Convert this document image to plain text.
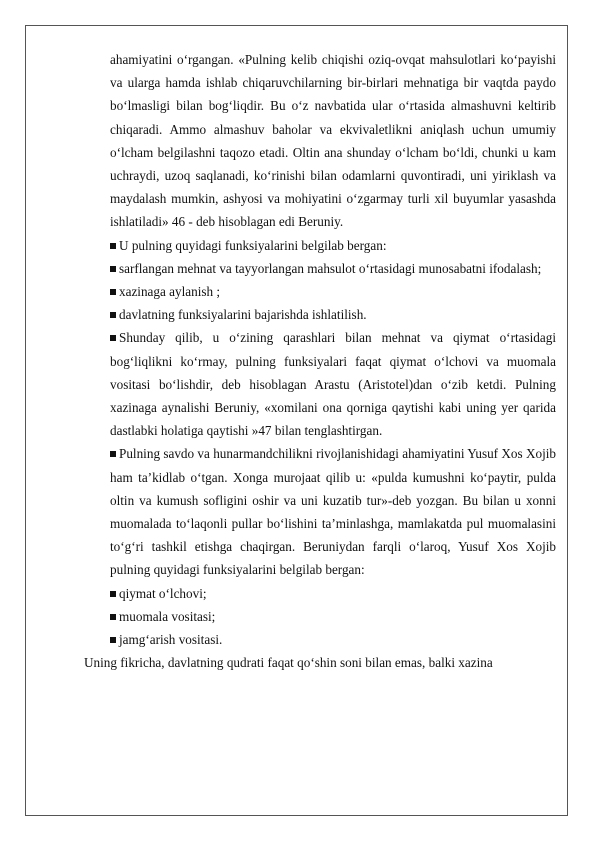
ahamiyatini o‘rgangan. «Pulning kelib chiqishi oziq-ovqat mahsulotlari ko‘payishi va ularga hamda ishlab chiqaruvchilarning bir-birlari mehnatiga bir vaqtda paydo bo‘lmasligi bilan bog‘liqdir. Bu o‘z navbatida ular o‘rtasida almashuvni keltirib chiqaradi. Ammo almashuv baholar va ekvivaletlikni aniqlash uchun umumiy o‘lcham belgilashni taqozo etadi. Oltin ana shunday o‘lcham bo‘ldi, chunki u kam uchraydi, uzoq saqlanadi, ko‘rinishi bilan odamlarni quvontiradi, uni yiriklash va maydalash mumkin, ashyosi va mohiyatini o‘zgarmay turli xil buyumlar yasashda ishlatiladi» 46 - deb hisoblagan edi Beruniy.

U pulning quyidagi funksiyalarini belgilab bergan:

sarflangan mehnat va tayyorlangan mahsulot o‘rtasidagi munosabatni ifodalash;

xazinaga aylanish ;

davlatning funksiyalarini bajarishda ishlatilish.

Shunday qilib, u o‘zining qarashlari bilan mehnat va qiymat o‘rtasidagi bog‘liqlikni ko‘rmay, pulning funksiyalari faqat qiymat o‘lchovi va muomala vositasi bo‘lishdir, deb hisoblagan Arastu (Aristotel)dan o‘zib ketdi. Pulning xazinaga aynalishi Beruniy, «xomilani ona qorniga qaytishi kabi uning yer qarida dastlabki holatiga qaytishi »47 bilan tenglashtirgan.

Pulning savdo va hunarmandchilikni rivojlanishidagi ahamiyatini Yusuf Xos Xojib ham ta’kidlab o‘tgan. Xonga murojaat qilib u: «pulda kumushni ko‘paytir, pulda oltin va kumush sofligini oshir va uni kuzatib tur»-deb yozgan. Bu bilan u xonni muomalada to‘laqonli pullar bo‘lishini ta’minlashga, mamlakatda pul muomalasini to‘g‘ri tashkil etishga chaqirgan. Beruniydan farqli o‘laroq, Yusuf Xos Xojib pulning quyidagi funksiyalarini belgilab bergan:

qiymat o‘lchovi;

muomala vositasi;

jamg‘arish vositasi.

Uning fikricha, davlatning qudrati faqat qo‘shin soni bilan emas, balki xazina
